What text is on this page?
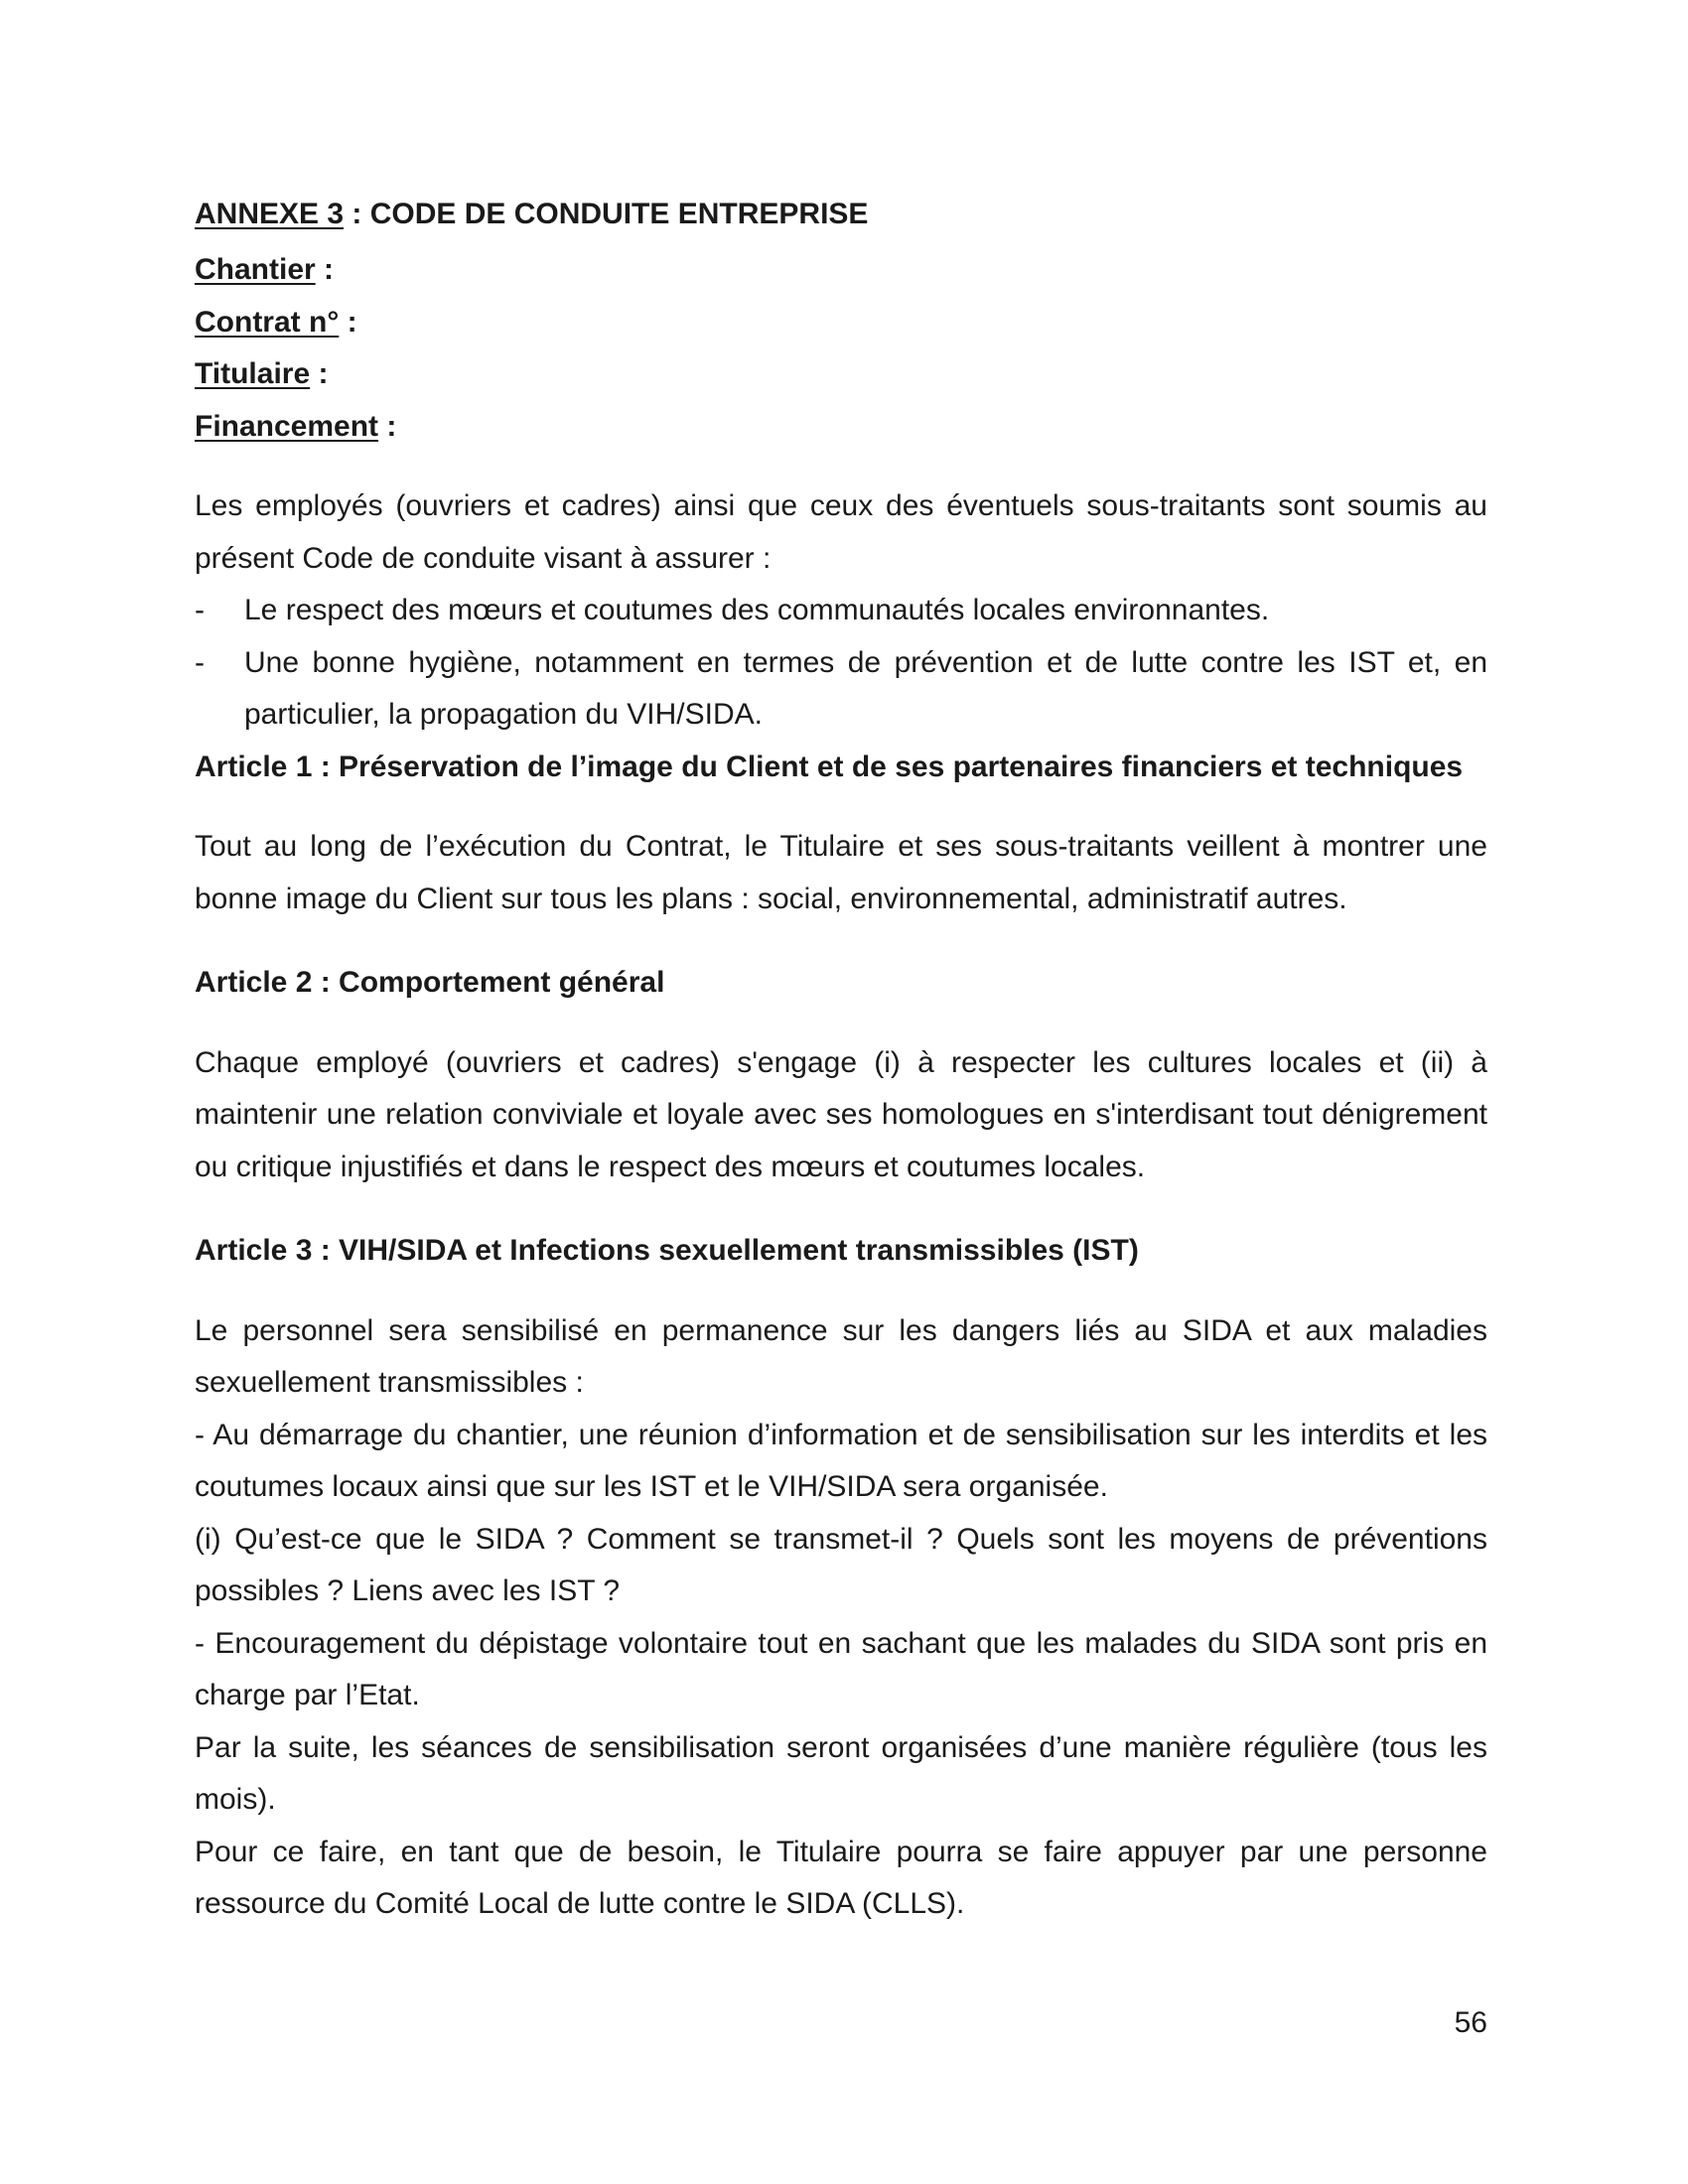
ANNEXE 3 : CODE DE CONDUITE ENTREPRISE

Chantier :

Contrat n° :

Titulaire :

Financement :

Les employés (ouvriers et cadres) ainsi que ceux des éventuels sous-traitants sont soumis au présent Code de conduite visant à assurer :

-	Le respect des mœurs et coutumes des communautés locales environnantes.
-	Une bonne hygiène, notamment en termes de prévention et de lutte contre les IST et, en particulier, la propagation du VIH/SIDA.

Article 1 : Préservation de l’image du Client et de ses partenaires financiers et techniques

Tout au long de l’exécution du Contrat, le Titulaire et ses sous-traitants veillent à montrer une bonne image du Client sur tous les plans : social, environnemental, administratif autres.

Article 2 : Comportement général

Chaque employé (ouvriers et cadres) s'engage (i) à respecter les cultures locales et (ii) à maintenir une relation conviviale et loyale avec ses homologues en s'interdisant tout dénigrement ou critique injustifiés et dans le respect des mœurs et coutumes locales.

Article 3 : VIH/SIDA et Infections sexuellement transmissibles (IST)

Le personnel sera sensibilisé en permanence sur les dangers liés au SIDA et aux maladies sexuellement transmissibles :

- Au démarrage du chantier, une réunion d’information et de sensibilisation sur les interdits et les coutumes locaux ainsi que sur les IST et le VIH/SIDA sera organisée.

(i) Qu’est-ce que le SIDA ? Comment se transmet-il ? Quels sont les moyens de préventions possibles ? Liens avec les IST ?

- Encouragement du dépistage volontaire tout en sachant que les malades du SIDA sont pris en charge par l’Etat.

Par la suite, les séances de sensibilisation seront organisées d’une manière régulière (tous les mois).

Pour ce faire, en tant que de besoin, le Titulaire pourra se faire appuyer par une personne ressource du Comité Local de lutte contre le SIDA (CLLS).

56
